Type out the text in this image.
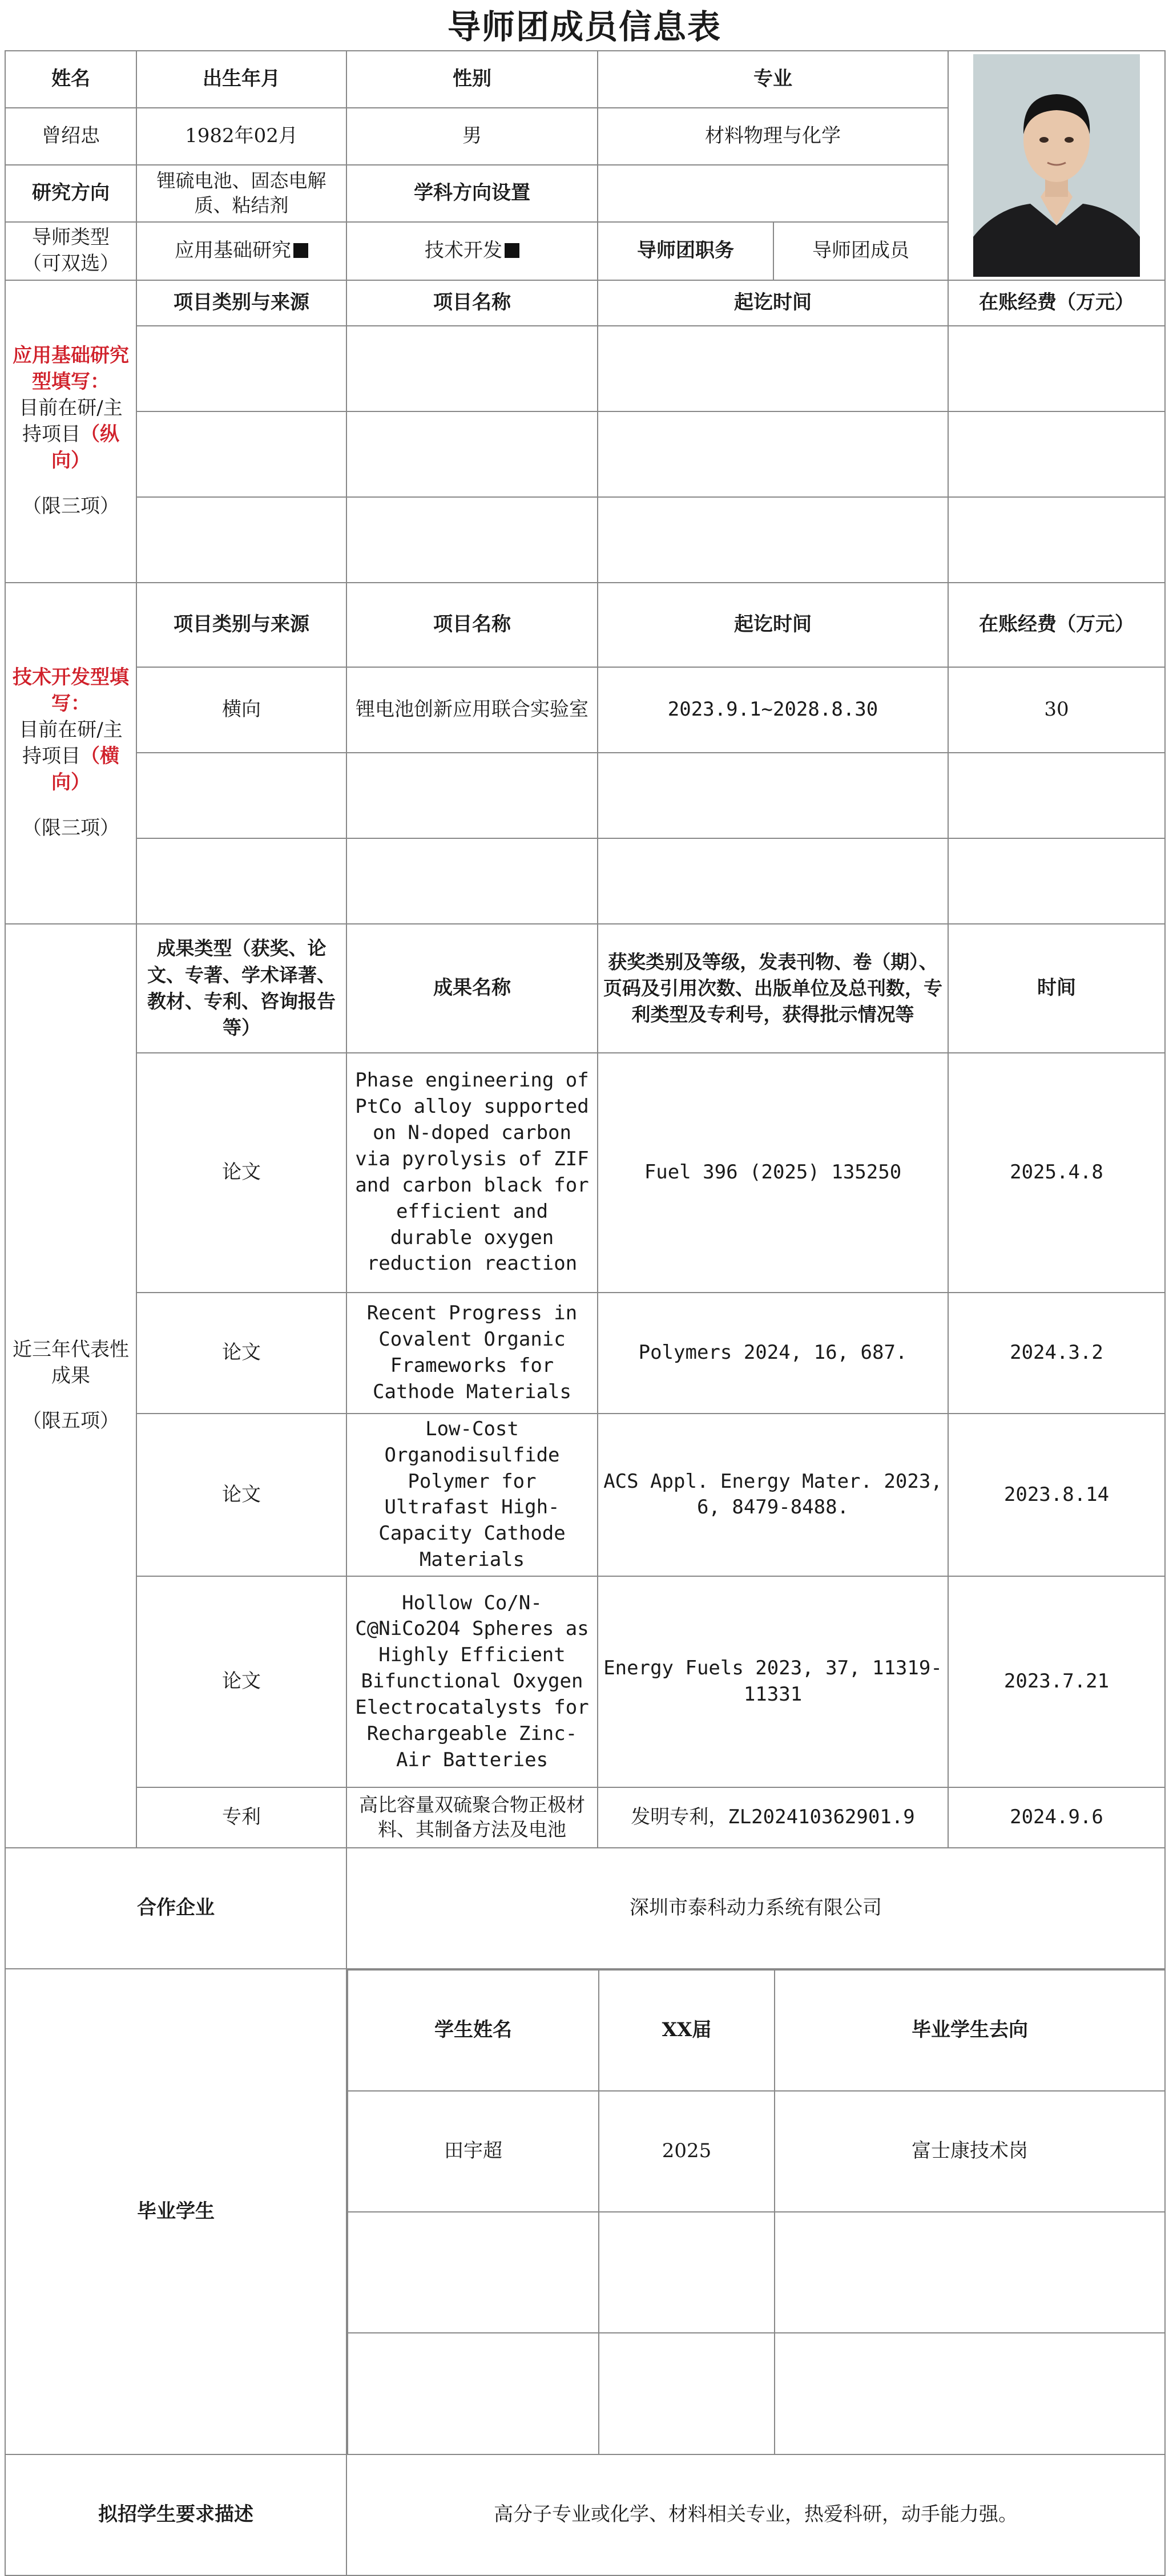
导师团成员信息表
姓名	出生年月	性别	专业	

曾绍忠	1982年02月	男	材料物理与化学
研究方向	锂硫电池、固态电解质、粘结剂	学科方向设置	

导师类型
（可双选）
	应用基础研究	技术开发	导师团职务	导师团成员

应用基础研究型填写：
目前在研/主持项目（纵向）
（限三项）
	项目类别与来源	项目名称	起讫时间	在账经费（万元）

技术开发型填写：
目前在研/主持项目（横向）
（限三项）
	项目类别与来源	项目名称	起讫时间	在账经费（万元）
横向	锂电池创新应用联合实验室	2023.9.1~2028.8.30	30

近三年代表性成果
（限五项）
	成果类型（获奖、论文、专著、学术译著、教材、专利、咨询报告等）	成果名称	获奖类别及等级，发表刊物、卷（期）、页码及引用次数、出版单位及总刊数，专利类型及专利号，获得批示情况等	时间
论文	Phase engineering of PtCo alloy supported on N-doped carbon via pyrolysis of ZIF and carbon black for efficient and durable oxygen reduction reaction	Fuel 396 (2025) 135250	2025.4.8
论文	Recent Progress in Covalent Organic Frameworks for Cathode Materials	Polymers 2024, 16, 687.	2024.3.2
论文	Low-Cost Organodisulfide Polymer for Ultrafast High-Capacity Cathode Materials	ACS Appl. Energy Mater. 2023, 6, 8479-8488.	2023.8.14
论文	Hollow Co/N-C@NiCo2O4 Spheres as Highly Efficient Bifunctional Oxygen Electrocatalysts for Rechargeable Zinc-Air Batteries	Energy Fuels 2023, 37, 11319-11331	2023.7.21
专利	高比容量双硫聚合物正极材料、其制备方法及电池	发明专利，ZL202410362901.9	2024.9.6
合作企业	深圳市泰科动力系统有限公司
毕业学生	
学生姓名	XX届	毕业学生去向
田宇超	2025	富士康技术岗

拟招学生要求描述	高分子专业或化学、材料相关专业，热爱科研，动手能力强。
